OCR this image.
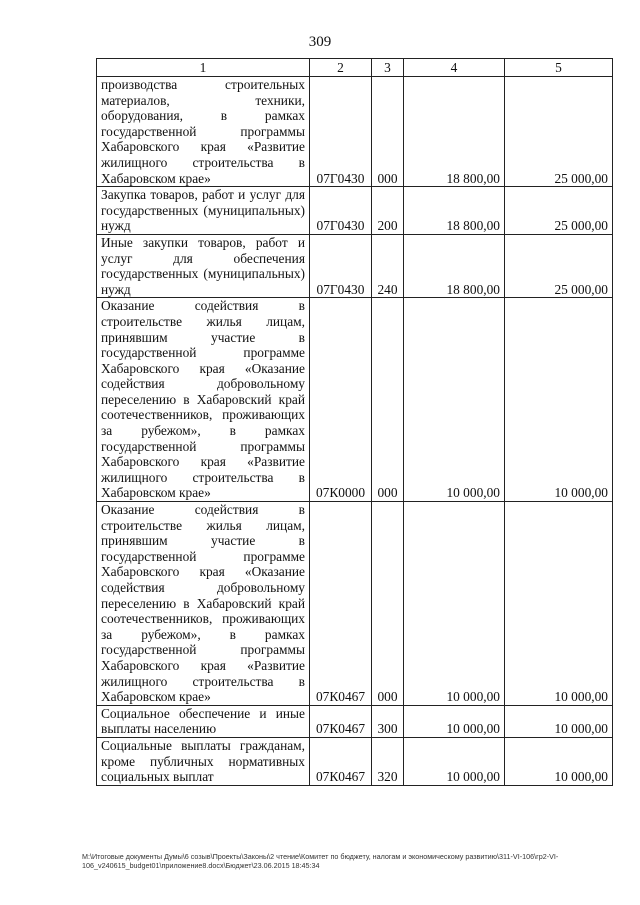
309
1	2	3	4	5
производства строительных материалов, техники, оборудования, в рамках государственной программы Хабаровского края «Развитие жилищного строительства в Хабаровском крае»	07Г0430	000	18 800,00	25 000,00
Закупка товаров, работ и услуг для государственных (муниципальных) нужд	07Г0430	200	18 800,00	25 000,00
Иные закупки товаров, работ и услуг для обеспечения государственных (муниципальных) нужд	07Г0430	240	18 800,00	25 000,00
Оказание содействия в строительстве жилья лицам, принявшим участие в государственной программе Хабаровского края «Оказание содействия добровольному переселению в Хабаровский край соотечественников, проживающих за рубежом», в рамках государственной программы Хабаровского края «Развитие жилищного строительства в Хабаровском крае»	07К0000	000	10 000,00	10 000,00
Оказание содействия в строительстве жилья лицам, принявшим участие в государственной программе Хабаровского края «Оказание содействия добровольному переселению в Хабаровский край соотечественников, проживающих за рубежом», в рамках государственной программы Хабаровского края «Развитие жилищного строительства в Хабаровском крае»	07К0467	000	10 000,00	10 000,00
Социальное обеспечение и иные выплаты населению	07К0467	300	10 000,00	10 000,00
Социальные выплаты гражданам, кроме публичных нормативных социальных выплат	07К0467	320	10 000,00	10 000,00
M:\Итоговые документы Думы\6 созыв\Проекты\Законы\2 чтение\Комитет по бюджету, налогам и экономическому развитию\311-VI-106\гр2-VI-106_v240615_budget01\приложение8.docx\Бюджет\23.06.2015 18:45:34
